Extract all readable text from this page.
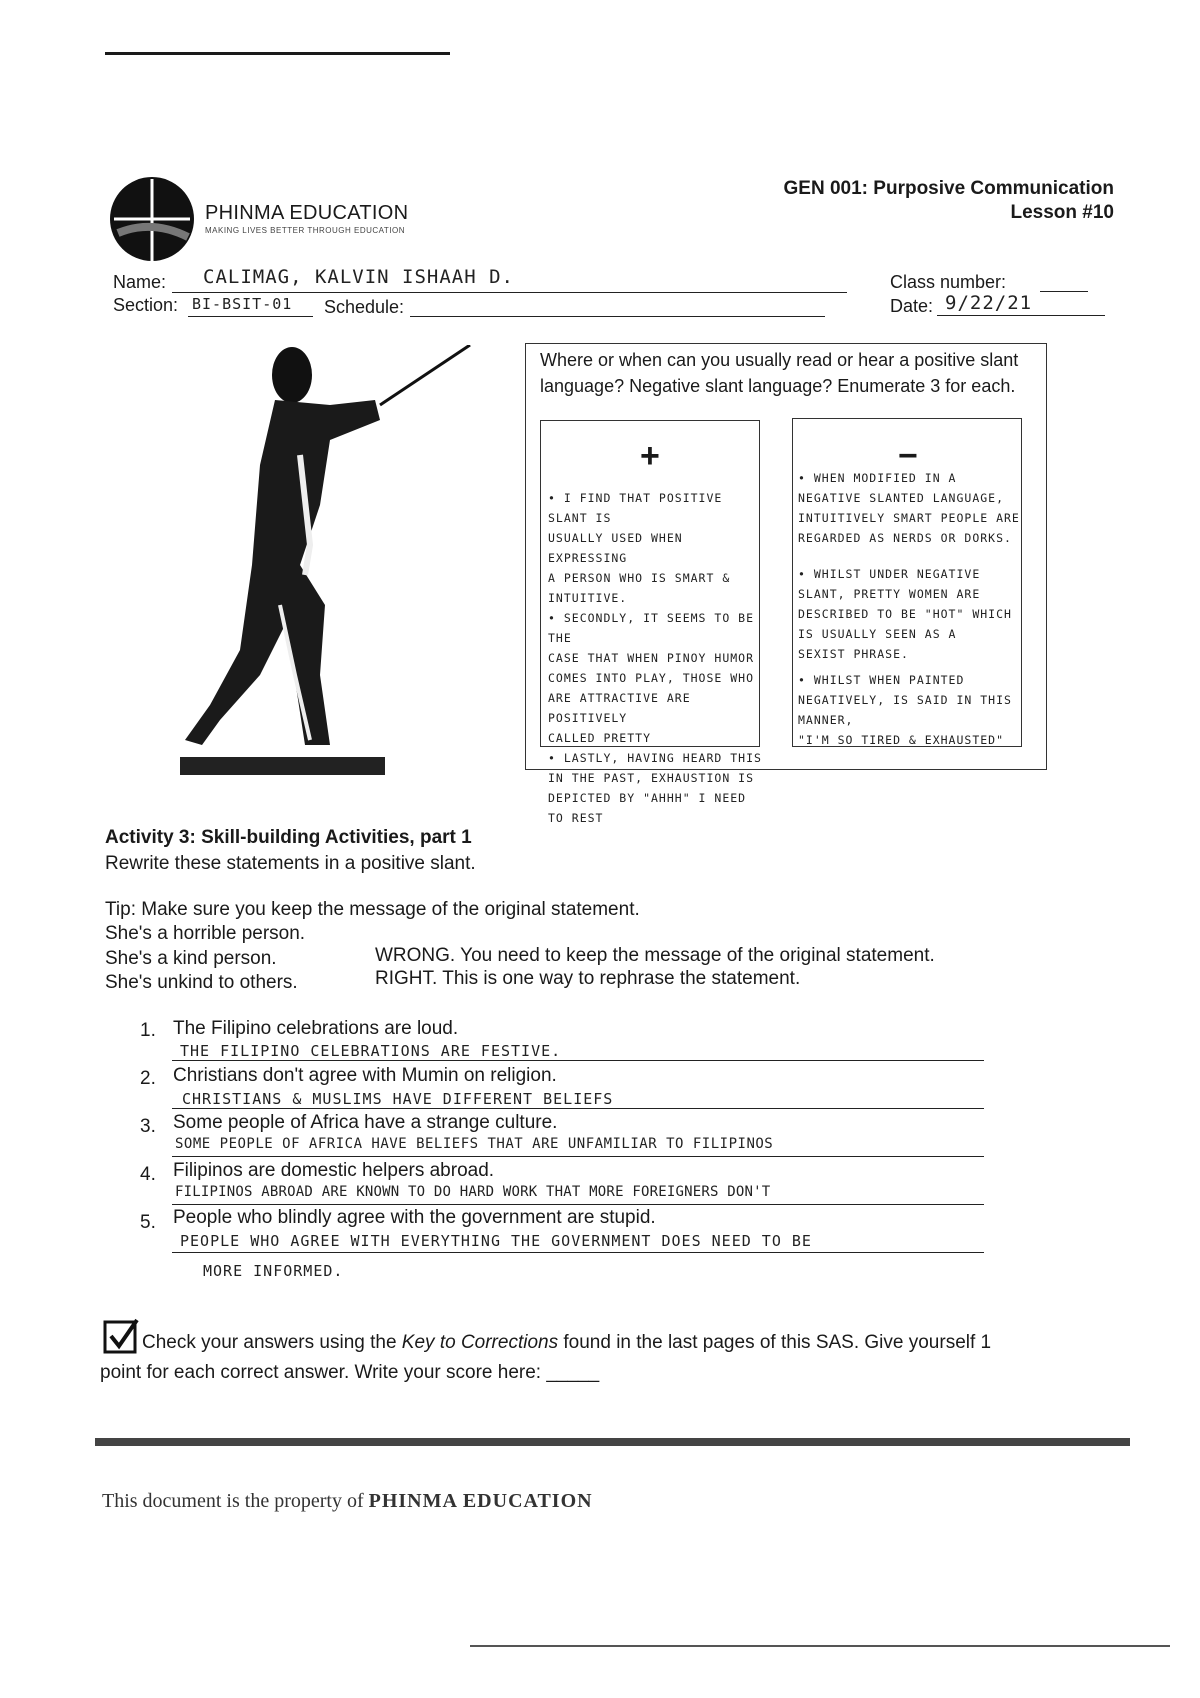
PHINMA EDUCATION
MAKING LIVES BETTER THROUGH EDUCATION
GEN 001: Purposive Communication
Lesson #10
Name: CALIMAG, KALVIN ISHAAH D.
Section: BI-BSIT-01 Schedule:
Class number:
Date: 9/22/21
Where or when can you usually read or hear a positive slant language? Negative slant language? Enumerate 3 for each.
+	−
• I FIND THAT POSITIVE SLANT IS
USUALLY USED WHEN EXPRESSING
A PERSON WHO IS SMART &
INTUITIVE.
• SECONDLY, IT SEEMS TO BE THE
CASE THAT WHEN PINOY HUMOR
COMES INTO PLAY, THOSE WHO
ARE ATTRACTIVE ARE POSITIVELY
CALLED PRETTY
• LASTLY, HAVING HEARD THIS
IN THE PAST, EXHAUSTION IS
DEPICTED BY "AHHH" I NEED TO REST
• WHEN MODIFIED IN A
NEGATIVE SLANTED LANGUAGE,
INTUITIVELY SMART PEOPLE ARE
REGARDED AS NERDS OR DORKS.
• WHILST UNDER NEGATIVE
SLANT, PRETTY WOMEN ARE
DESCRIBED TO BE "HOT" WHICH
IS USUALLY SEEN AS A
SEXIST PHRASE.
• WHILST WHEN PAINTED
NEGATIVELY, IS SAID IN THIS MANNER,
"I'M SO TIRED & EXHAUSTED"
Activity 3: Skill-building Activities, part 1
Rewrite these statements in a positive slant.
Tip: Make sure you keep the message of the original statement.
She's a horrible person.
She's a kind person.	WRONG. You need to keep the message of the original statement.
She's unkind to others.	RIGHT. This is one way to rephrase the statement.
1. The Filipino celebrations are loud.
THE FILIPINO CELEBRATIONS ARE FESTIVE.
2. Christians don't agree with Mumin on religion.
CHRISTIANS & MUSLIMS HAVE DIFFERENT BELIEFS
3. Some people of Africa have a strange culture.
SOME PEOPLE OF AFRICA HAVE BELIEFS THAT ARE UNFAMILIAR TO FILIPINOS
4. Filipinos are domestic helpers abroad.
FILIPINOS ABROAD ARE KNOWN TO DO HARD WORK THAT MORE FOREIGNERS DON'T
5. People who blindly agree with the government are stupid.
PEOPLE WHO AGREE WITH EVERYTHING THE GOVERNMENT DOES NEED TO BE
MORE INFORMED.
Check your answers using the Key to Corrections found in the last pages of this SAS. Give yourself 1
point for each correct answer. Write your score here: _____
This document is the property of PHINMA EDUCATION
